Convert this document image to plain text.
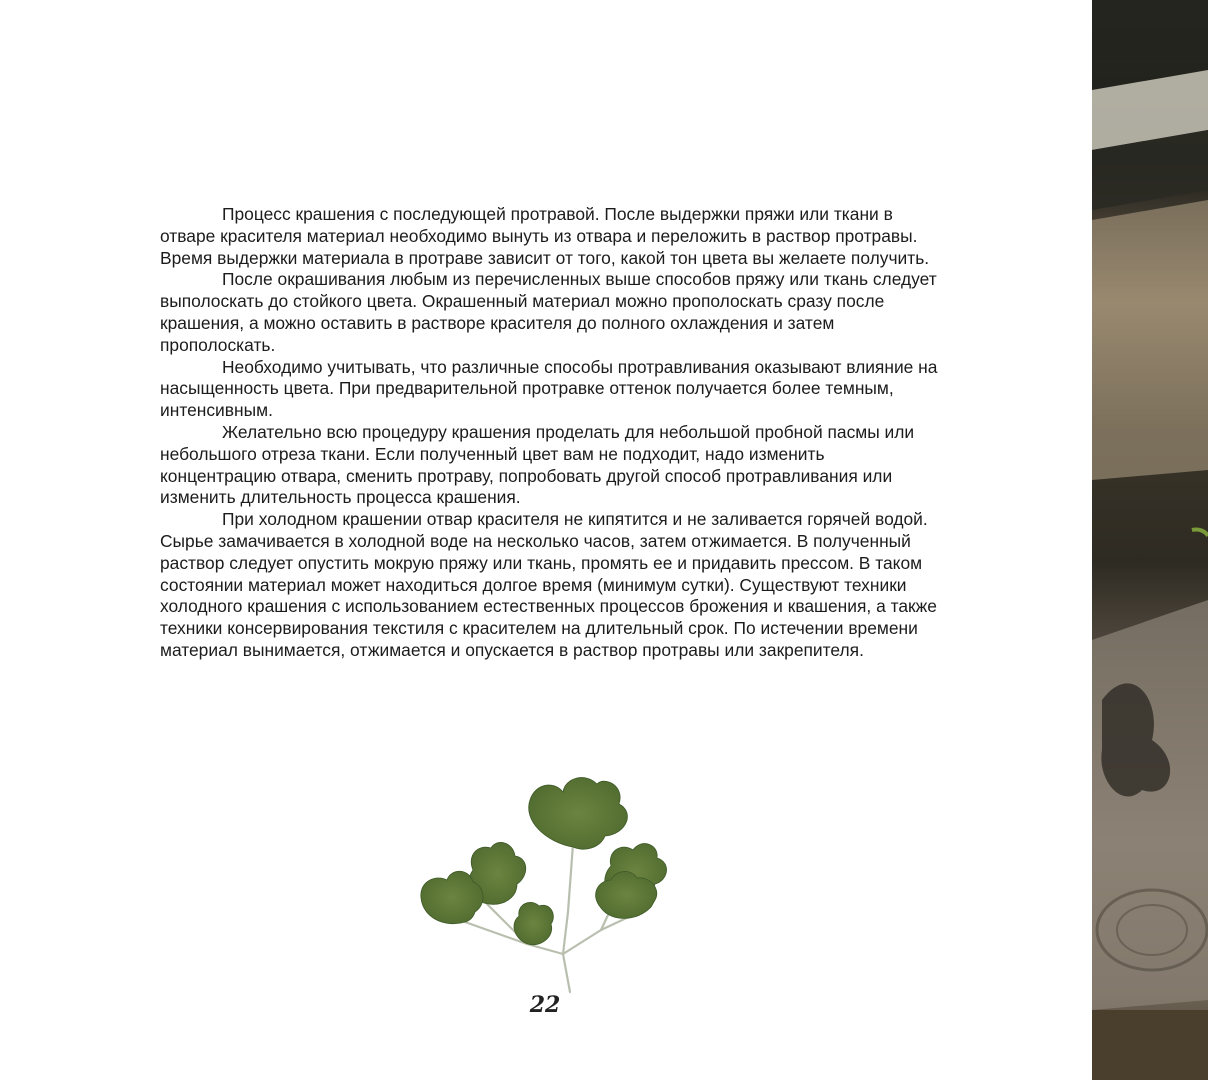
Процесс крашения с последующей протравой. После выдержки пряжи или ткани в отваре красителя материал необходимо вынуть из отвара и переложить в раствор протравы. Время выдержки материала в протраве зависит от того, какой тон цвета вы желаете получить.

После окрашивания любым из перечисленных выше способов пряжу или ткань следует выполоскать до стойкого цвета. Окрашенный материал можно прополоскать сразу после крашения, а можно оставить в растворе красителя до полного охлаждения и затем прополоскать.

Необходимо учитывать, что различные способы протравливания оказывают влияние на насыщенность цвета. При предварительной протравке оттенок получается более темным, интенсивным.

Желательно всю процедуру крашения проделать для небольшой пробной пасмы или небольшого отреза ткани. Если полученный цвет вам не подходит, надо изменить концентрацию отвара, сменить протраву, попробовать другой способ протравливания или изменить длительность процесса крашения.

При холодном крашении отвар красителя не кипятится и не заливается горячей водой. Сырье замачивается в холодной воде на несколько часов, затем отжимается. В полученный раствор следует опустить мокрую пряжу или ткань, промять ее и придавить прессом. В таком состоянии материал может находиться долгое время (минимум сутки). Существуют техники холодного крашения с использованием естественных процессов брожения и квашения, а также техники консервирования текстиля с красителем на длительный срок. По истечении времени материал вынимается, отжимается и опускается в раствор протравы или закрепителя.

22
